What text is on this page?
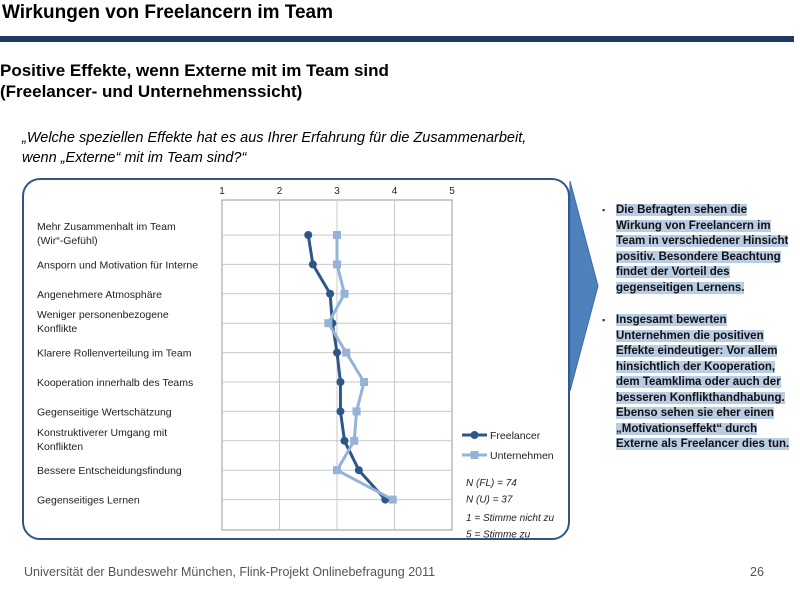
Wirkungen von Freelancern im Team
Positive Effekte, wenn Externe mit im Team sind
(Freelancer- und Unternehmenssicht)
„Welche speziellen Effekte hat es aus Ihrer Erfahrung für die Zusammenarbeit,
wenn „Externe“ mit im Team sind?“
1	2	3	4	5
Mehr Zusammenhalt im Team
(Wir“-Gefühl)
Ansporn und Motivation für Interne
Angenehmere Atmosphäre
Weniger personenbezogene
Konflikte
Klarere Rollenverteilung im Team
Kooperation innerhalb des Teams
Gegenseitige Wertschätzung
Konstruktiverer Umgang mit
Konflikten
Bessere Entscheidungsfindung
Gegenseitiges Lernen
Freelancer
Unternehmen
N (FL) = 74
N (U) = 37
1 = Stimme nicht zu
5 = Stimme zu
▪ Die Befragten sehen die Wirkung von Freelancern im Team in verschiedener Hinsicht positiv. Besondere Beachtung findet der Vorteil des gegenseitigen Lernens.
▪ Insgesamt bewerten Unternehmen die positiven Effekte eindeutiger: Vor allem hinsichtlich der Kooperation, dem Teamklima oder auch der besseren Konflikthandhabung. Ebenso sehen sie eher einen „Motivationseffekt“ durch Externe als Freelancer dies tun.
Universität der Bundeswehr München, Flink-Projekt Onlinebefragung 2011	26
